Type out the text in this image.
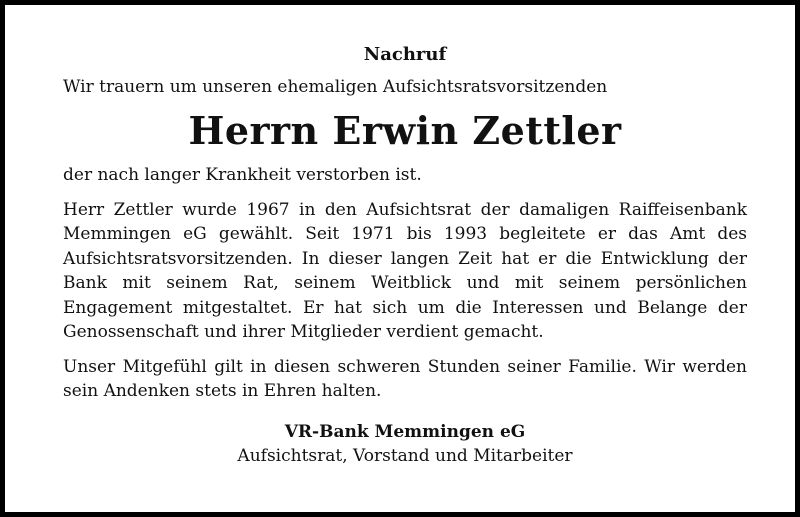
Nachruf

Wir trauern um unseren ehemaligen Aufsichtsratsvorsitzenden

Herrn Erwin Zettler

der nach langer Krankheit verstorben ist.

Herr Zettler wurde 1967 in den Aufsichtsrat der damaligen Raiffeisenbank Memmingen eG gewählt. Seit 1971 bis 1993 begleitete er das Amt des Aufsichtsratsvorsitzenden. In dieser langen Zeit hat er die Entwicklung der Bank mit seinem Rat, seinem Weitblick und mit seinem persönlichen Engagement mitgestaltet. Er hat sich um die Interessen und Belange der Genossenschaft und ihrer Mitglieder verdient gemacht.

Unser Mitgefühl gilt in diesen schweren Stunden seiner Familie. Wir werden sein Andenken stets in Ehren halten.

VR-Bank Memmingen eG

Aufsichtsrat, Vorstand und Mitarbeiter
